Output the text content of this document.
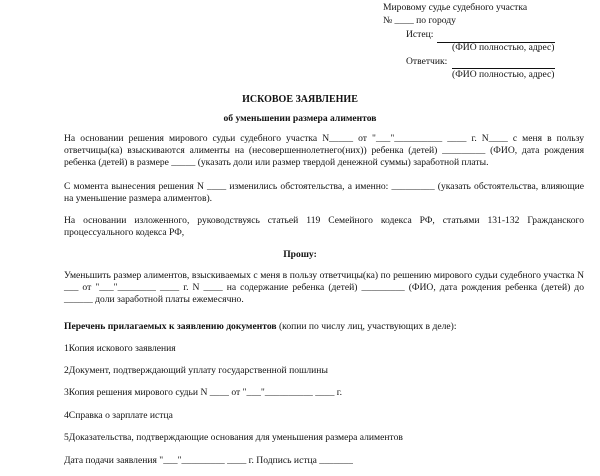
Мировому судье судебного участка
№ ____ по городу
Истец:
(ФИО полностью, адрес)
Ответчик:
(ФИО полностью, адрес)
ИСКОВОЕ ЗАЯВЛЕНИЕ
об уменьшении размера алиментов
На основании решения мирового судьи судебного участка N_____ от "___"__________ ____ г. N____ с меня в пользу ответчицы(ка) взыскиваются алименты на (несовершеннолетнего(них)) ребенка (детей) _________ (ФИО, дата рождения ребенка (детей) в размере _____ (указать доли или размер твердой денежной суммы) заработной платы.
С момента вынесения решения N ____ изменились обстоятельства, а именно: _________ (указать обстоятельства, влияющие на уменьшение размера алиментов).
На основании изложенного, руководствуясь статьей 119 Семейного кодекса РФ, статьями 131-132 Гражданского процессуального кодекса РФ,
Прошу:
Уменьшить размер алиментов, взыскиваемых с меня в пользу ответчицы(ка) по решению мирового судьи судебного участка N ___ от "___"________ ____ г. N ____ на содержание ребенка (детей) _________ (ФИО, дата рождения ребенка (детей) до ______ доли заработной платы ежемесячно.
Перечень прилагаемых к заявлению документов (копии по числу лиц, участвующих в деле):
1Копия искового заявления
2Документ, подтверждающий уплату государственной пошлины
3Копия решения мирового судьи N ____ от "___"__________ ____ г.
4Справка о зарплате истца
5Доказательства, подтверждающие основания для уменьшения размера алиментов
Дата подачи заявления "___"_________ ____ г. Подпись истца _______
